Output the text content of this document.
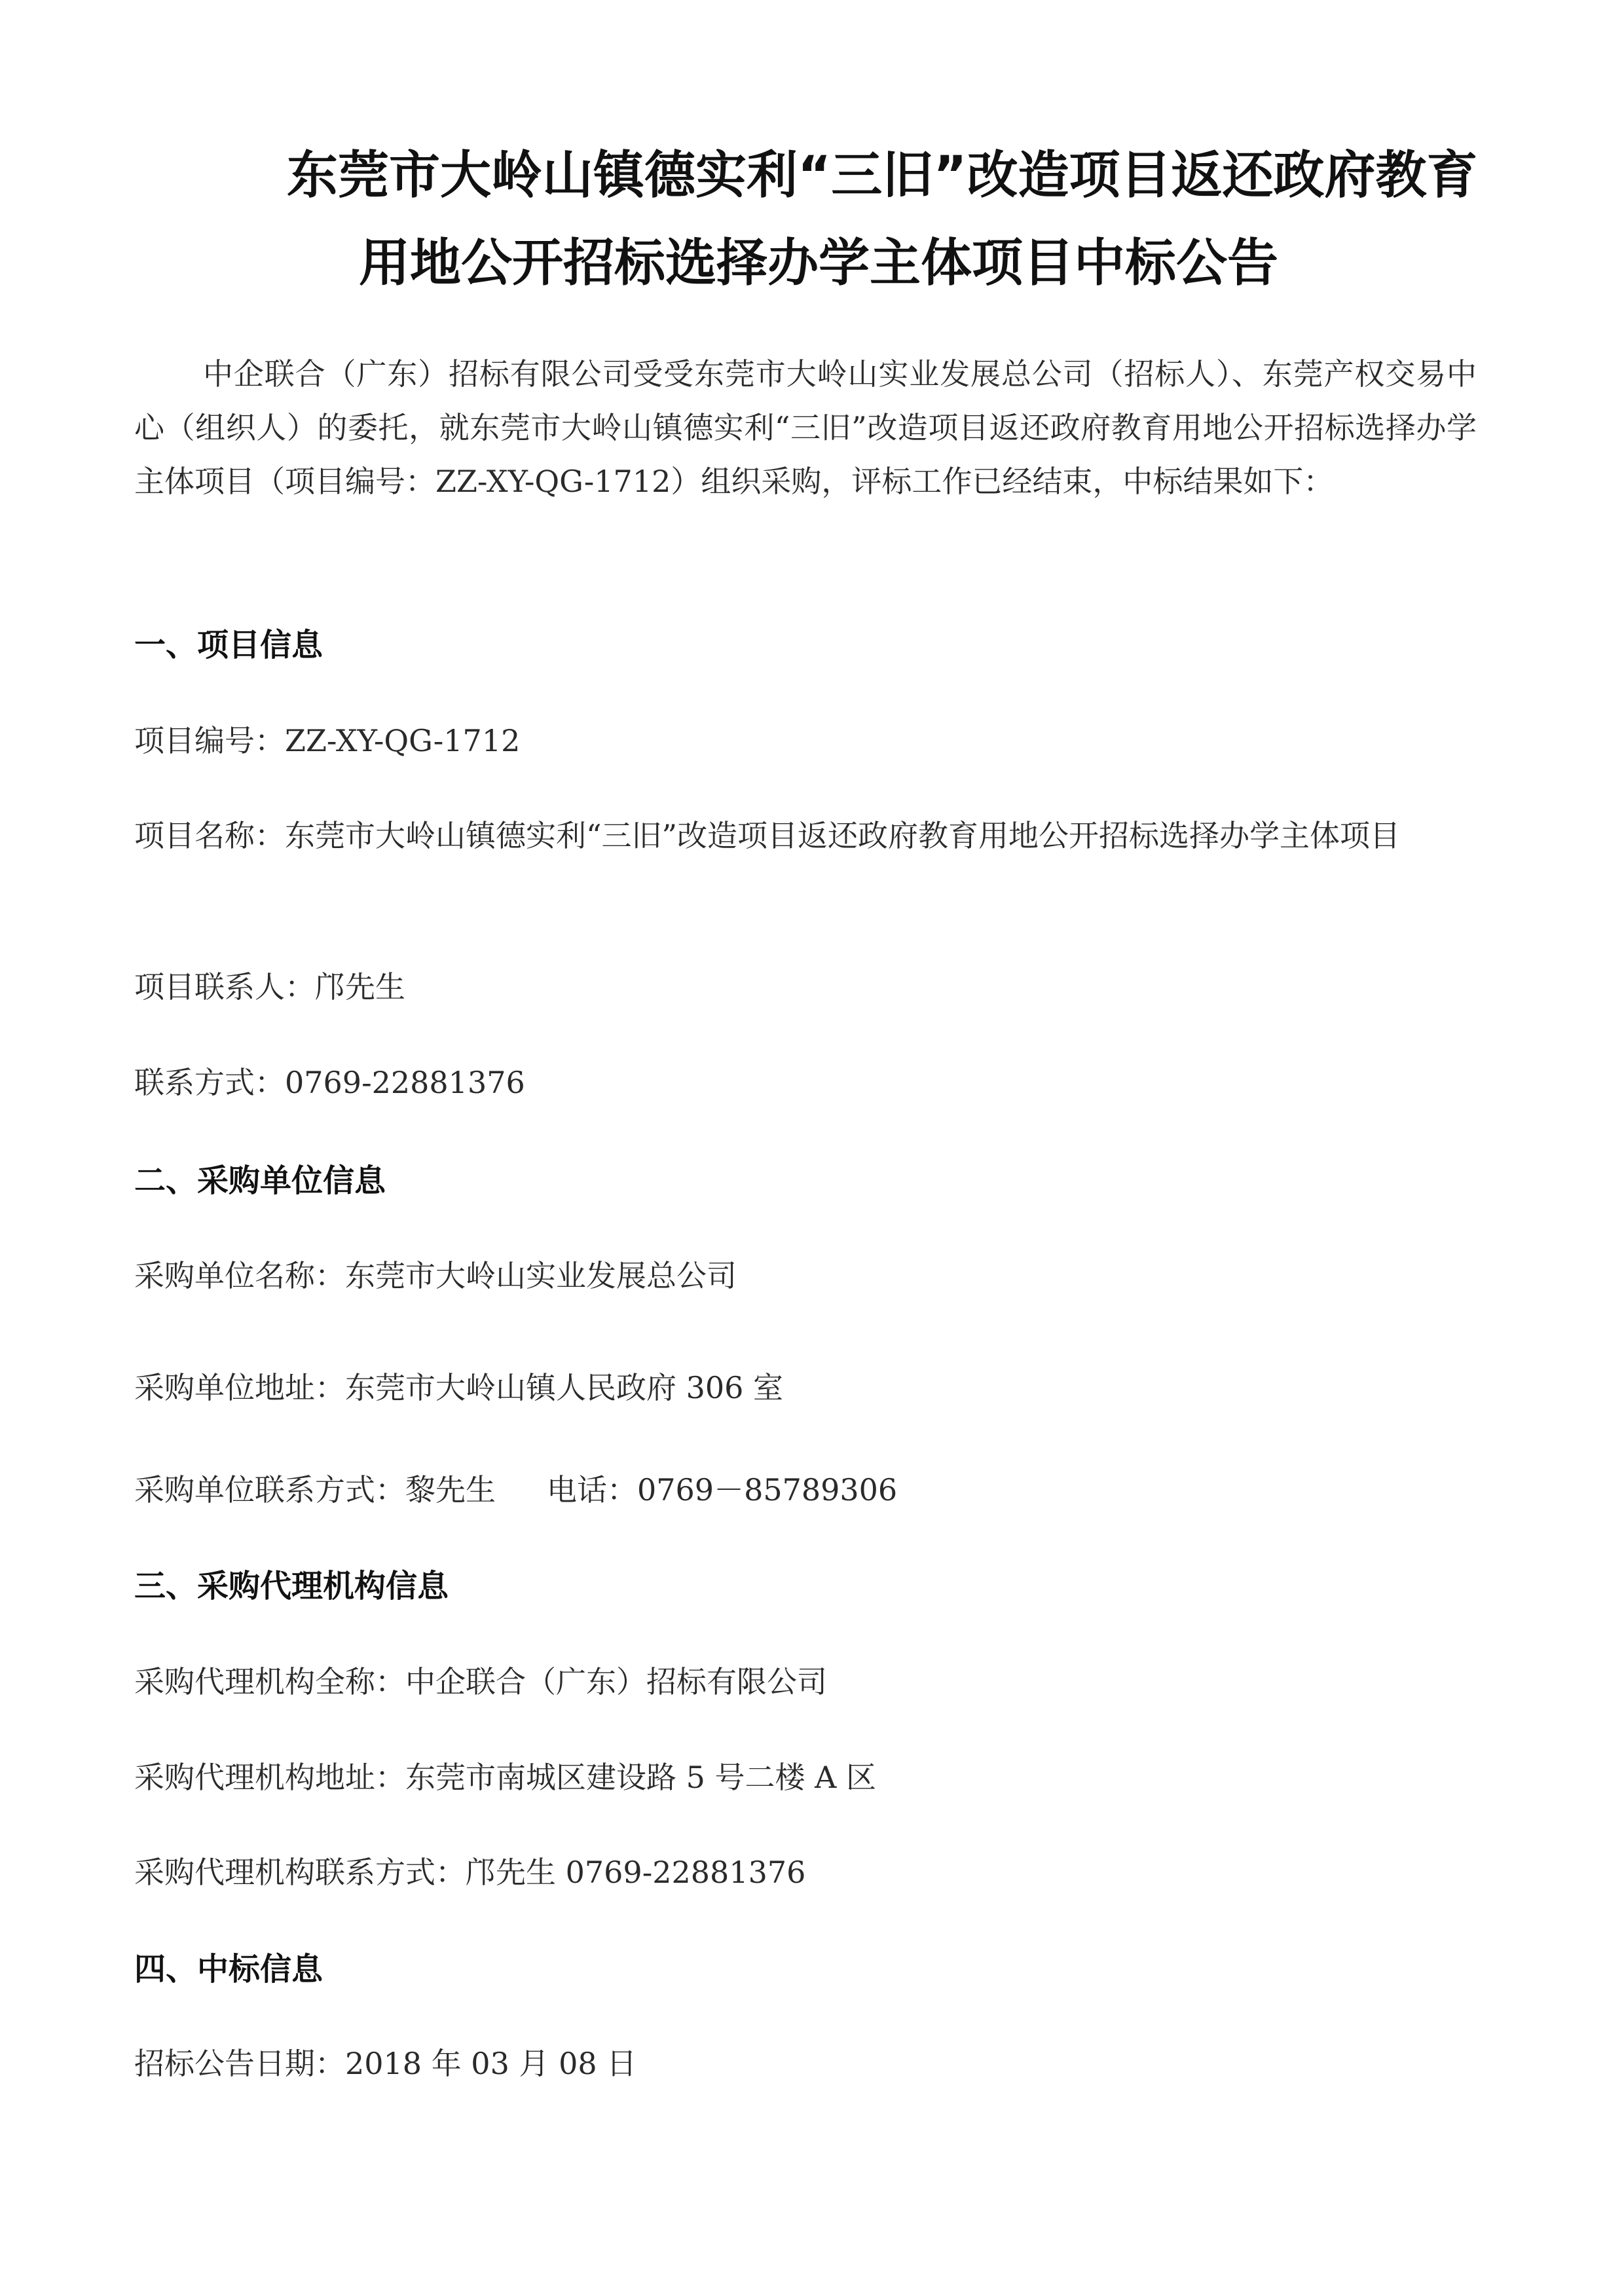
东莞市大岭山镇德实利“三旧”改造项目返还政府教育
用地公开招标选择办学主体项目中标公告

中企联合（广东）招标有限公司受受东莞市大岭山实业发展总公司（招标人）、东莞产权交易中心（组织人）的委托，就东莞市大岭山镇德实利“三旧”改造项目返还政府教育用地公开招标选择办学主体项目（项目编号：ZZ-XY-QG-1712）组织采购，评标工作已经结束，中标结果如下：

一、项目信息
项目编号：ZZ-XY-QG-1712
项目名称：东莞市大岭山镇德实利“三旧”改造项目返还政府教育用地公开招标选择办学主体项目
项目联系人：邝先生
联系方式：0769-22881376
二、采购单位信息
采购单位名称：东莞市大岭山实业发展总公司
采购单位地址：东莞市大岭山镇人民政府 306 室
采购单位联系方式：黎先生 电话：0769－85789306
三、采购代理机构信息
采购代理机构全称：中企联合（广东）招标有限公司
采购代理机构地址：东莞市南城区建设路 5 号二楼 A 区
采购代理机构联系方式：邝先生 0769-22881376
四、中标信息
招标公告日期：2018 年 03 月 08 日
